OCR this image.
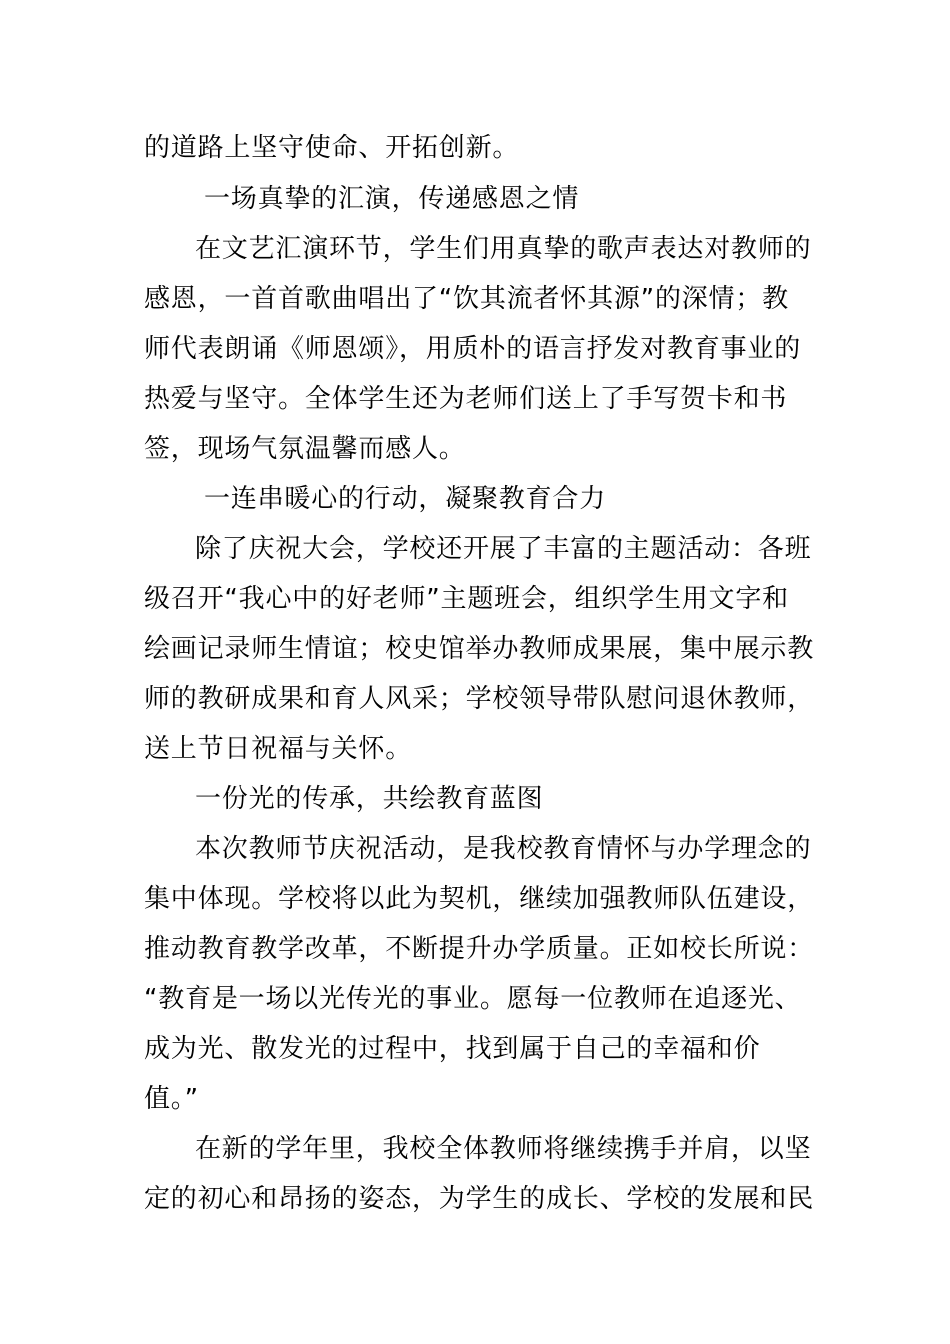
的道路上坚守使命、开拓创新。
一场真挚的汇演，传递感恩之情
在文艺汇演环节，学生们用真挚的歌声表达对教师的
感恩，一首首歌曲唱出了“饮其流者怀其源”的深情；教
师代表朗诵《师恩颂》，用质朴的语言抒发对教育事业的
热爱与坚守。全体学生还为老师们送上了手写贺卡和书
签，现场气氛温馨而感人。
一连串暖心的行动，凝聚教育合力
除了庆祝大会，学校还开展了丰富的主题活动：各班
级召开“我心中的好老师”主题班会，组织学生用文字和
绘画记录师生情谊；校史馆举办教师成果展，集中展示教
师的教研成果和育人风采；学校领导带队慰问退休教师，
送上节日祝福与关怀。
一份光的传承，共绘教育蓝图
本次教师节庆祝活动，是我校教育情怀与办学理念的
集中体现。学校将以此为契机，继续加强教师队伍建设，
推动教育教学改革，不断提升办学质量。正如校长所说：
“教育是一场以光传光的事业。愿每一位教师在追逐光、
成为光、散发光的过程中，找到属于自己的幸福和价
值。”
在新的学年里，我校全体教师将继续携手并肩，以坚
定的初心和昂扬的姿态，为学生的成长、学校的发展和民
